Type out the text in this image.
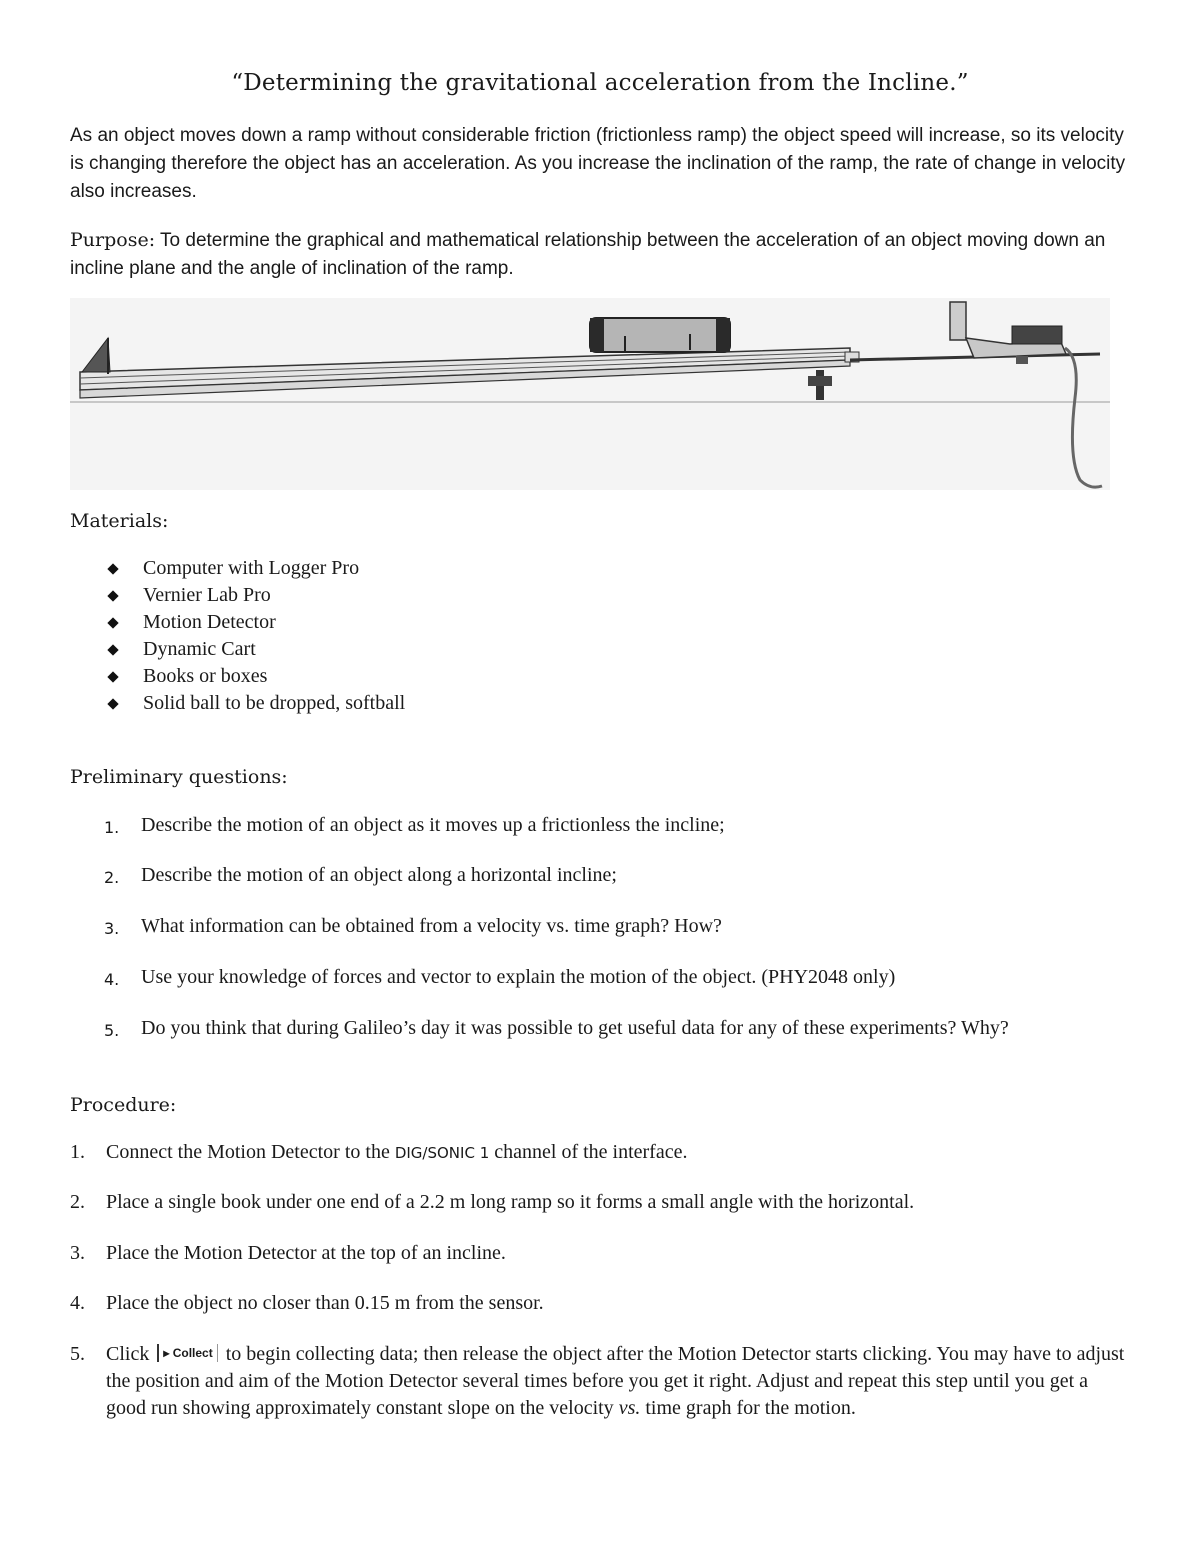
“Determining the gravitational acceleration from the Incline.”
As an object moves down a ramp without considerable friction (frictionless ramp) the object speed will increase, so its velocity is changing therefore the object has an acceleration. As you increase the inclination of the ramp, the rate of change in velocity also increases.
Purpose: To determine the graphical and mathematical relationship between the acceleration of an object moving down an incline plane and the angle of inclination of the ramp.
Materials:
Computer with Logger Pro
Vernier Lab Pro
Motion Detector
Dynamic Cart
Books or boxes
Solid ball to be dropped, softball
Preliminary questions:
1.	Describe the motion of an object as it moves up a frictionless the incline;
2.	Describe the motion of an object along a horizontal incline;
3.	What information can be obtained from a velocity vs. time graph? How?
4.	Use your knowledge of forces and vector to explain the motion of the object. (PHY2048 only)
5.	Do you think that during Galileo’s day it was possible to get useful data for any of these experiments? Why?
Procedure:
1.	Connect the Motion Detector to the DIG/SONIC 1 channel of the interface.
2.	Place a single book under one end of a 2.2 m long ramp so it forms a small angle with the horizontal.
3.	Place the Motion Detector at the top of an incline.
4.	Place the object no closer than 0.15 m from the sensor.
5.	Click ▸ Collect to begin collecting data; then release the object after the Motion Detector starts clicking. You may have to adjust the position and aim of the Motion Detector several times before you get it right. Adjust and repeat this step until you get a good run showing approximately constant slope on the velocity vs. time graph for the motion.
